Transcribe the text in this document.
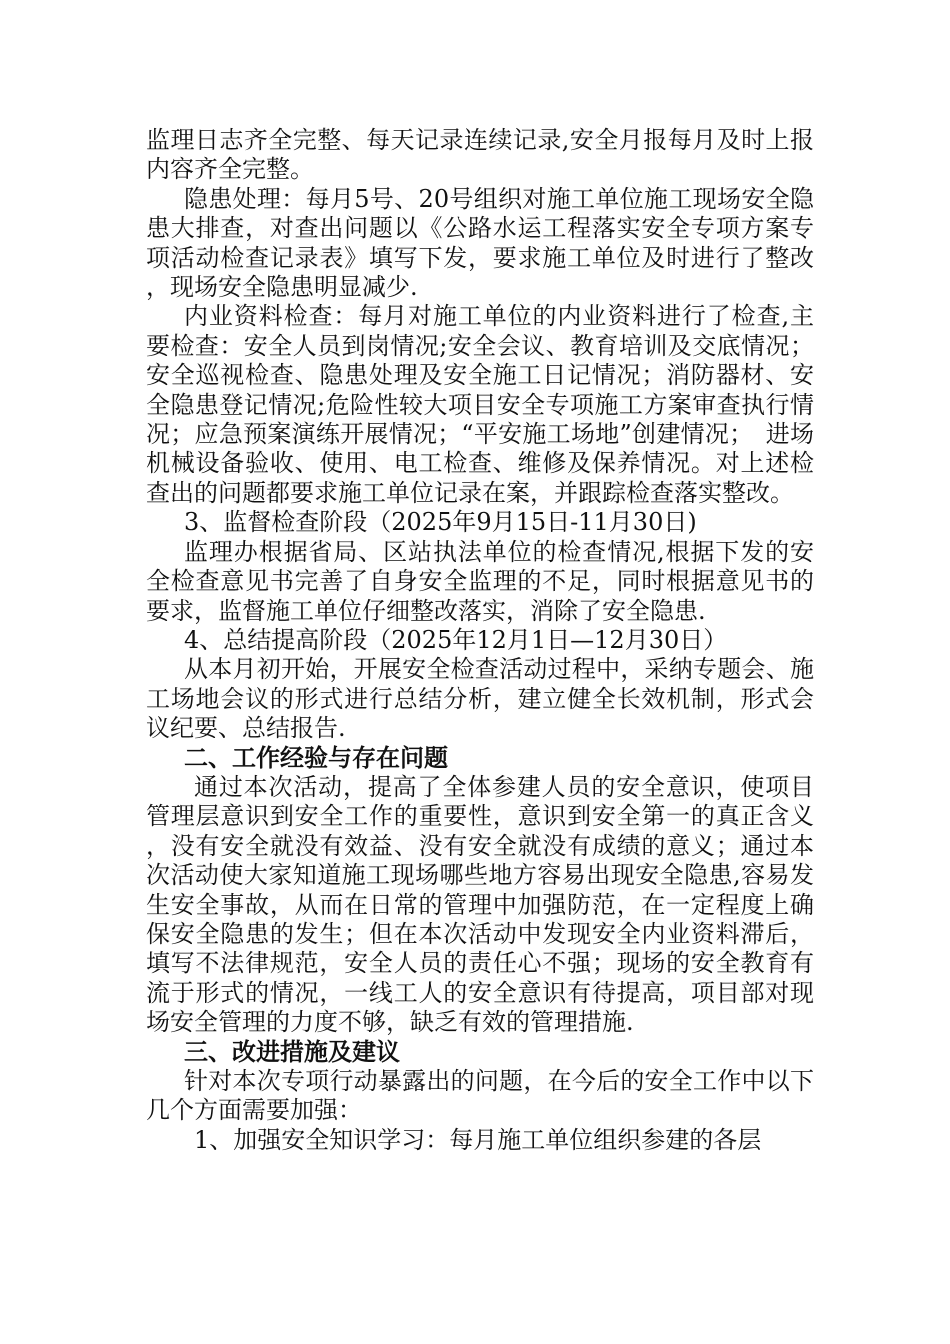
监理日志齐全完整、每天记录连续记录,安全月报每月及时上报内容齐全完整。

隐患处理：每月5号、20号组织对施工单位施工现场安全隐患大排查，对查出问题以《公路水运工程落实安全专项方案专项活动检查记录表》填写下发，要求施工单位及时进行了整改，现场安全隐患明显减少.

内业资料检查：每月对施工单位的内业资料进行了检查,主要检查：安全人员到岗情况;安全会议、教育培训及交底情况；安全巡视检查、隐患处理及安全施工日记情况；消防器材、安全隐患登记情况;危险性较大项目安全专项施工方案审查执行情况；应急预案演练开展情况；“平安施工场地”创建情况；　进场机械设备验收、使用、电工检查、维修及保养情况。对上述检查出的问题都要求施工单位记录在案，并跟踪检查落实整改。

3、监督检查阶段（2025年9月15日-11月30日)

监理办根据省局、区站执法单位的检查情况,根据下发的安全检查意见书完善了自身安全监理的不足，同时根据意见书的要求，监督施工单位仔细整改落实，消除了安全隐患.

4、总结提高阶段（2025年12月1日—12月30日）

从本月初开始，开展安全检查活动过程中，采纳专题会、施工场地会议的形式进行总结分析，建立健全长效机制，形式会议纪要、总结报告.

二、工作经验与存在问题

通过本次活动，提高了全体参建人员的安全意识，使项目管理层意识到安全工作的重要性，意识到安全第一的真正含义，没有安全就没有效益、没有安全就没有成绩的意义；通过本次活动使大家知道施工现场哪些地方容易出现安全隐患,容易发生安全事故，从而在日常的管理中加强防范，在一定程度上确保安全隐患的发生；但在本次活动中发现安全内业资料滞后，填写不法律规范，安全人员的责任心不强；现场的安全教育有流于形式的情况，一线工人的安全意识有待提高，项目部对现场安全管理的力度不够，缺乏有效的管理措施.

三、改进措施及建议

针对本次专项行动暴露出的问题，在今后的安全工作中以下几个方面需要加强：

1、加强安全知识学习：每月施工单位组织参建的各层
